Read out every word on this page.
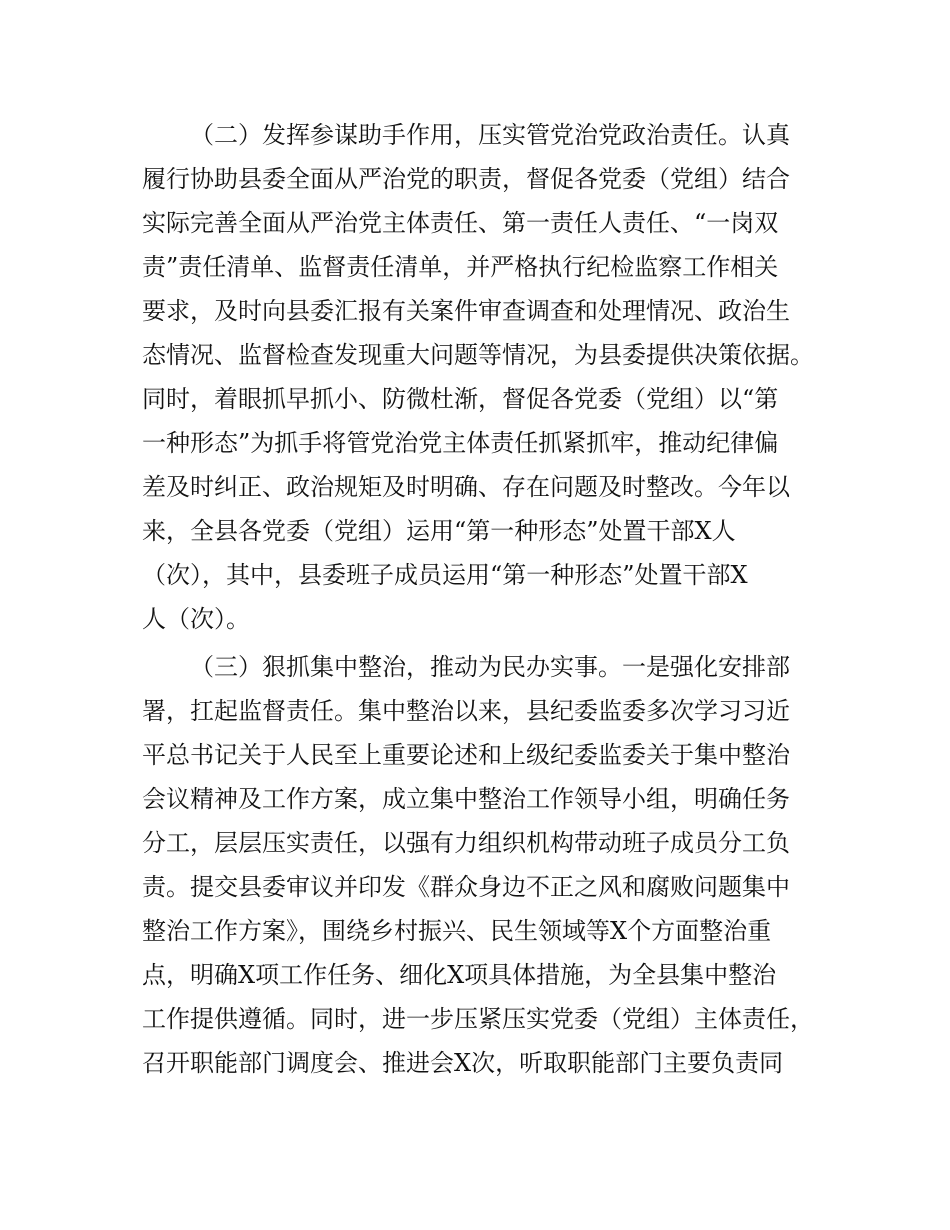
（二）发挥参谋助手作用，压实管党治党政治责任。认真
履行协助县委全面从严治党的职责，督促各党委（党组）结合
实际完善全面从严治党主体责任、第一责任人责任、“一岗双
责”责任清单、监督责任清单，并严格执行纪检监察工作相关
要求，及时向县委汇报有关案件审查调查和处理情况、政治生
态情况、监督检查发现重大问题等情况，为县委提供决策依据。
同时，着眼抓早抓小、防微杜渐，督促各党委（党组）以“第
一种形态”为抓手将管党治党主体责任抓紧抓牢，推动纪律偏
差及时纠正、政治规矩及时明确、存在问题及时整改。今年以
来，全县各党委（党组）运用“第一种形态”处置干部X人
（次），其中，县委班子成员运用“第一种形态”处置干部X
人（次）。
（三）狠抓集中整治，推动为民办实事。一是强化安排部
署，扛起监督责任。集中整治以来，县纪委监委多次学习习近
平总书记关于人民至上重要论述和上级纪委监委关于集中整治
会议精神及工作方案，成立集中整治工作领导小组，明确任务
分工，层层压实责任，以强有力组织机构带动班子成员分工负
责。提交县委审议并印发《群众身边不正之风和腐败问题集中
整治工作方案》，围绕乡村振兴、民生领域等X个方面整治重
点，明确X项工作任务、细化X项具体措施，为全县集中整治
工作提供遵循。同时，进一步压紧压实党委（党组）主体责任，
召开职能部门调度会、推进会X次，听取职能部门主要负责同
